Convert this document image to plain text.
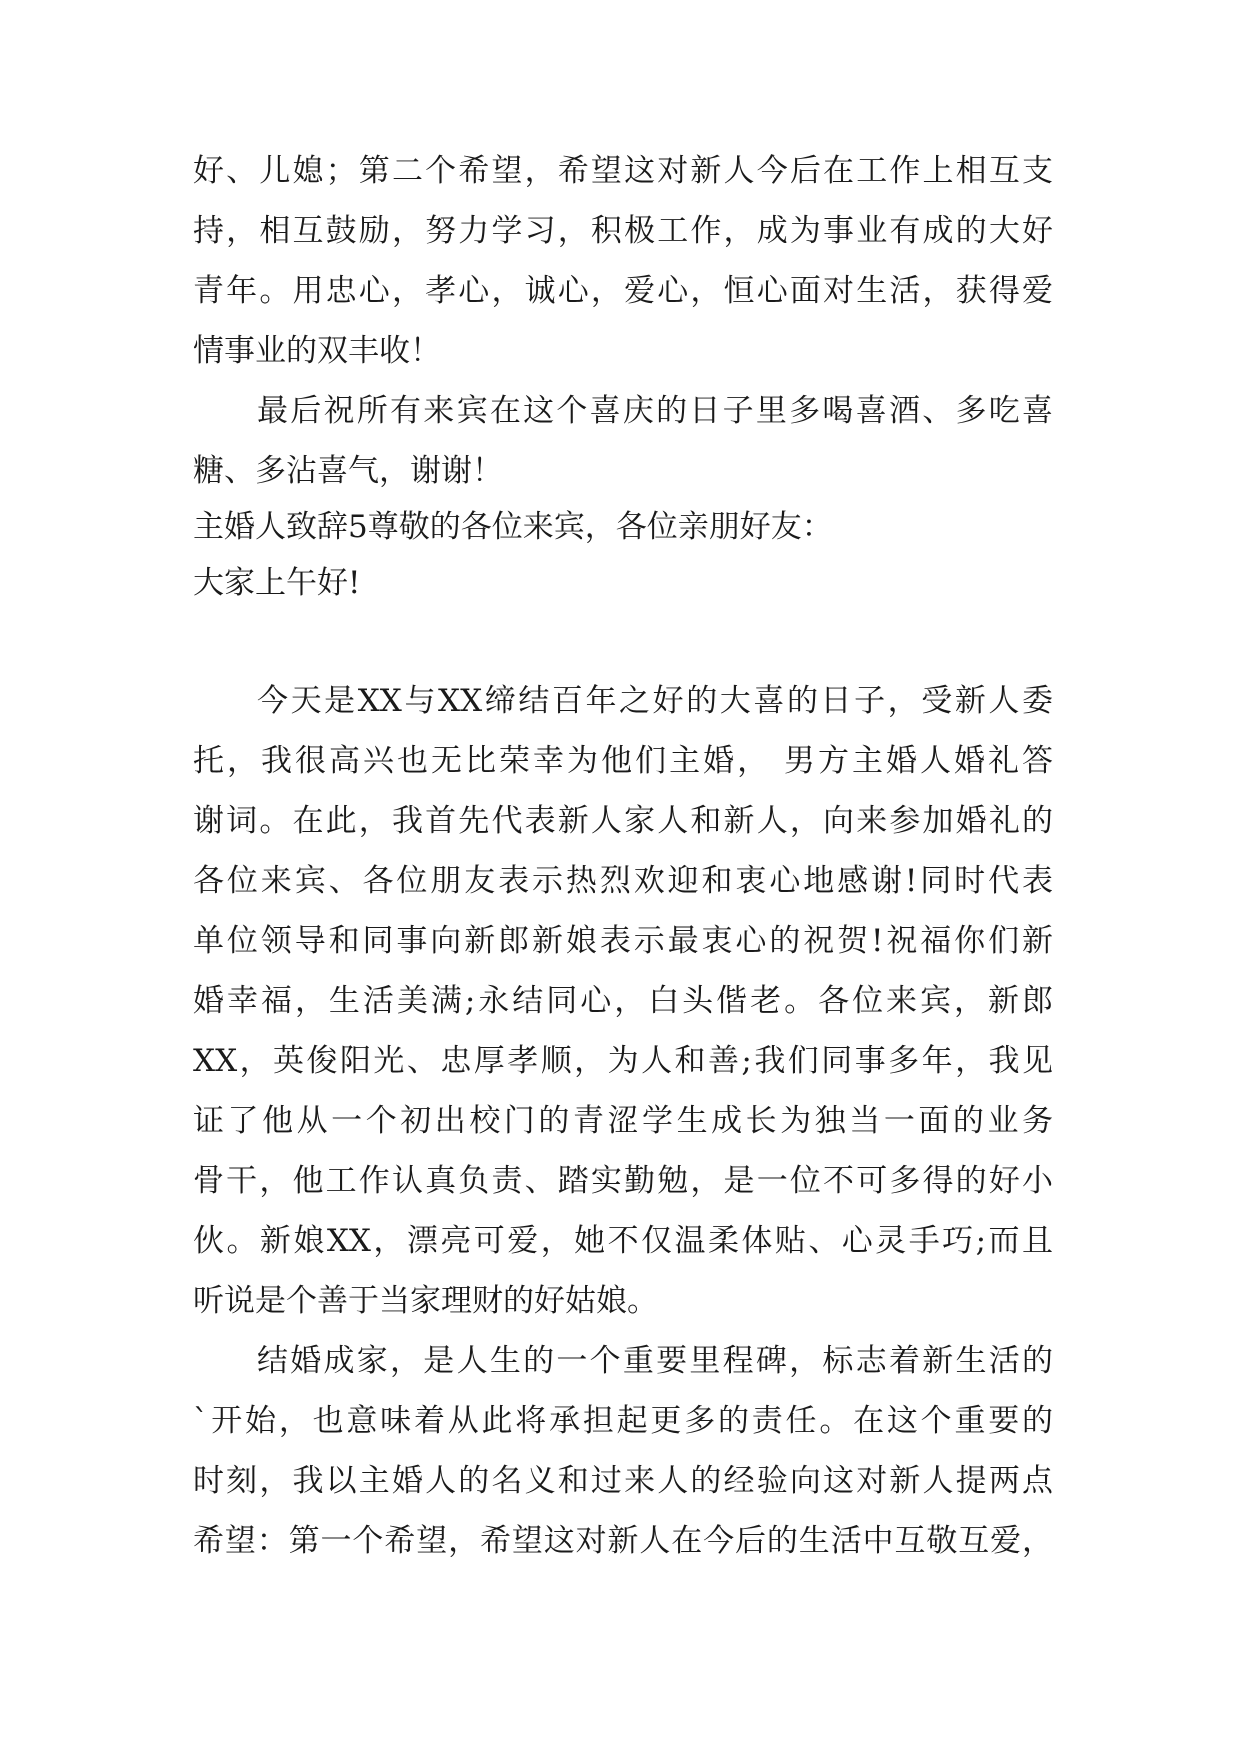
好、儿媳；第二个希望，希望这对新人今后在工作上相互支
持，相互鼓励，努力学习，积极工作，成为事业有成的大好
青年。用忠心，孝心，诚心，爱心，恒心面对生活，获得爱
情事业的双丰收！
最后祝所有来宾在这个喜庆的日子里多喝喜酒、多吃喜
糖、多沾喜气，谢谢！
主婚人致辞5尊敬的各位来宾，各位亲朋好友：
大家上午好!
今天是XX与XX缔结百年之好的大喜的日子，受新人委
托，我很高兴也无比荣幸为他们主婚， 男方主婚人婚礼答
谢词。在此，我首先代表新人家人和新人，向来参加婚礼的
各位来宾、各位朋友表示热烈欢迎和衷心地感谢!同时代表
单位领导和同事向新郎新娘表示最衷心的祝贺!祝福你们新
婚幸福，生活美满;永结同心，白头偕老。各位来宾，新郎
XX，英俊阳光、忠厚孝顺，为人和善;我们同事多年，我见
证了他从一个初出校门的青涩学生成长为独当一面的业务
骨干，他工作认真负责、踏实勤勉，是一位不可多得的好小
伙。新娘XX，漂亮可爱，她不仅温柔体贴、心灵手巧;而且
听说是个善于当家理财的好姑娘。
结婚成家，是人生的一个重要里程碑，标志着新生活的
`开始，也意味着从此将承担起更多的责任。在这个重要的
时刻，我以主婚人的名义和过来人的经验向这对新人提两点
希望：第一个希望，希望这对新人在今后的生活中互敬互爱，
